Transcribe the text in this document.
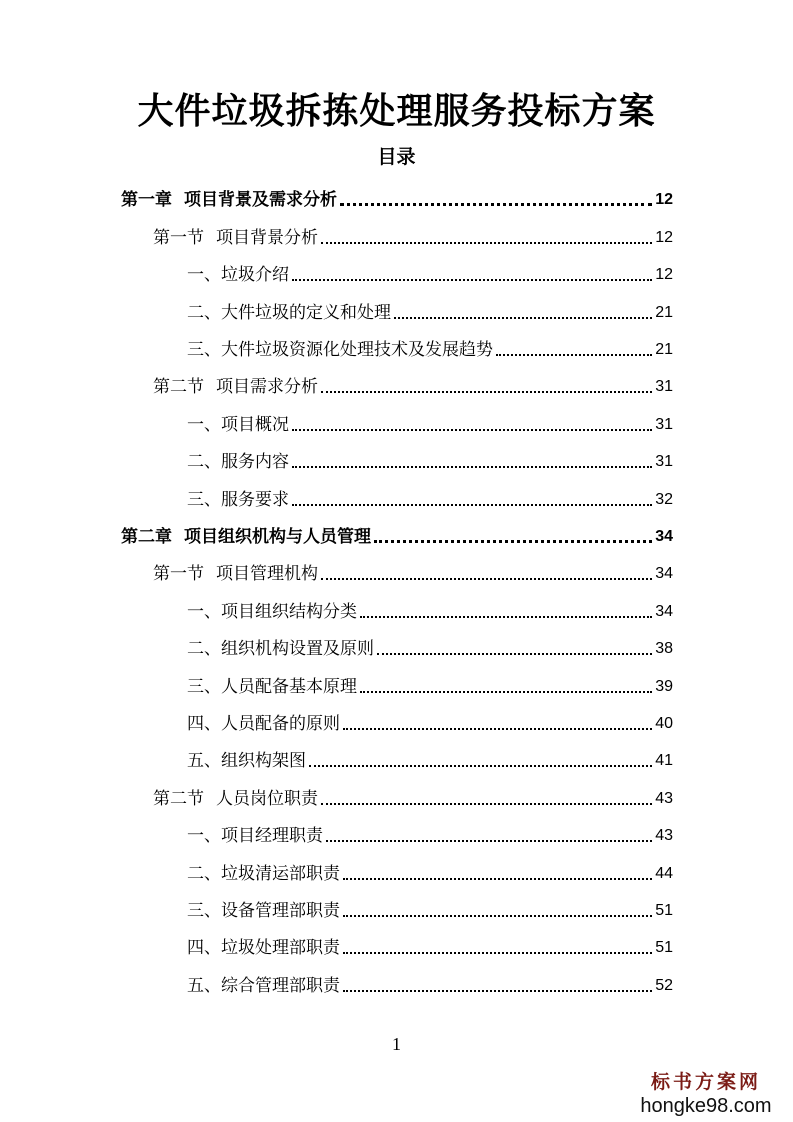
大件垃圾拆拣处理服务投标方案
目录
第一章 项目背景及需求分析	12
第一节 项目背景分析	12
一、垃圾介绍	12
二、大件垃圾的定义和处理	21
三、大件垃圾资源化处理技术及发展趋势	21
第二节 项目需求分析	31
一、项目概况	31
二、服务内容	31
三、服务要求	32
第二章 项目组织机构与人员管理	34
第一节 项目管理机构	34
一、项目组织结构分类	34
二、组织机构设置及原则	38
三、人员配备基本原理	39
四、人员配备的原则	40
五、组织构架图	41
第二节 人员岗位职责	43
一、项目经理职责	43
二、垃圾清运部职责	44
三、设备管理部职责	51
四、垃圾处理部职责	51
五、综合管理部职责	52
1
标书方案网
hongke98.com
